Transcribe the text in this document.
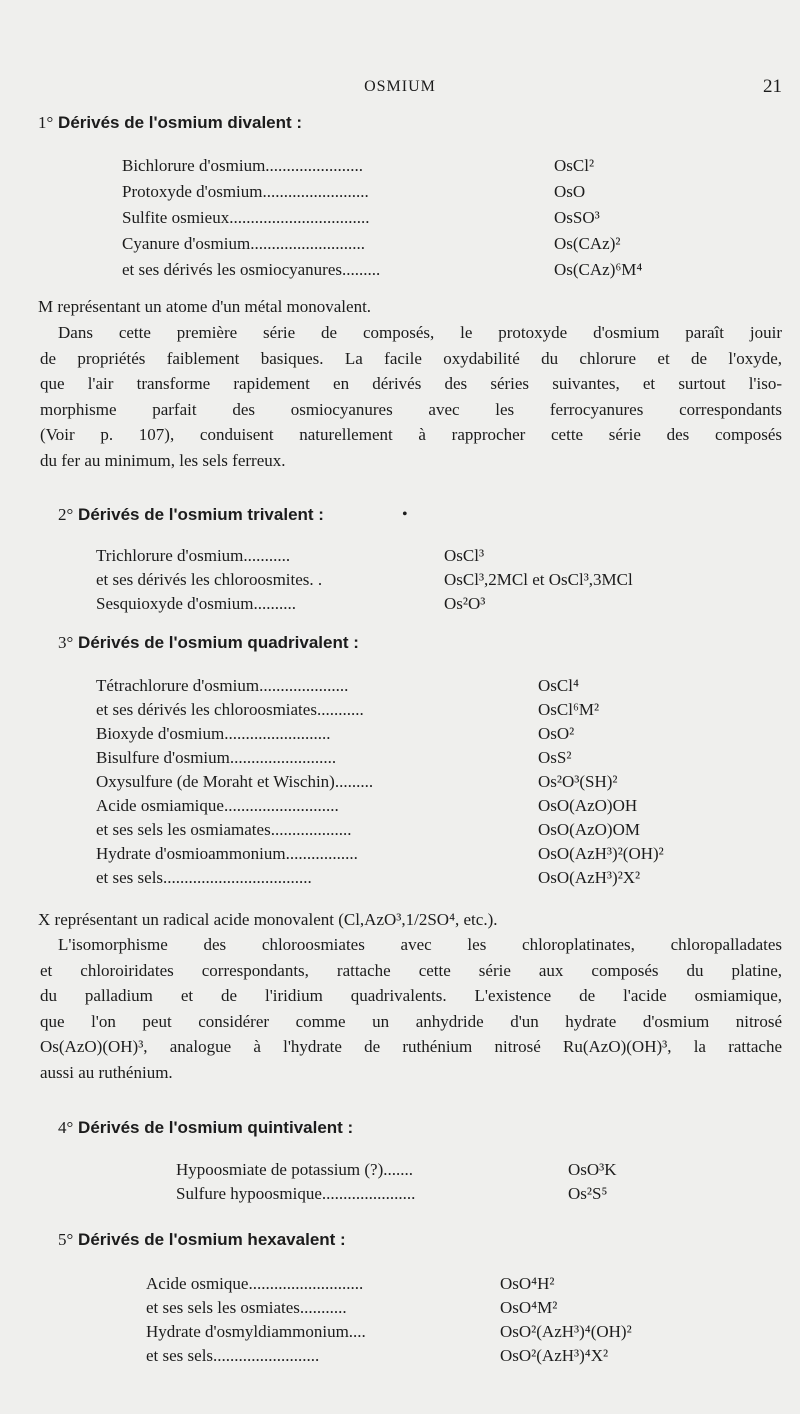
OSMIUM	21
1° Dérivés de l'osmium divalent :
Bichlorure d'osmium.......................	OsCl²
Protoxyde d'osmium.........................	OsO
Sulfite osmieux.................................	OsSO³
Cyanure d'osmium...........................	Os(CAz)²
et ses dérivés les osmiocyanures.........	Os(CAz)⁶M⁴
M représentant un atome d'un métal monovalent.
Dans cette première série de composés, le protoxyde d'osmium paraît jouir
de propriétés faiblement basiques. La facile oxydabilité du chlorure et de l'oxyde,
que l'air transforme rapidement en dérivés des séries suivantes, et surtout l'iso-
morphisme parfait des osmiocyanures avec les ferrocyanures correspondants
(Voir p. 107), conduisent naturellement à rapprocher cette série des composés
du fer au minimum, les sels ferreux.
2° Dérivés de l'osmium trivalent :	•
Trichlorure d'osmium...........	OsCl³
et ses dérivés les chloroosmites. .	OsCl³,2MCl et OsCl³,3MCl
Sesquioxyde d'osmium..........	Os²O³
3° Dérivés de l'osmium quadrivalent :
Tétrachlorure d'osmium.....................	OsCl⁴
et ses dérivés les chloroosmiates...........	OsCl⁶M²
Bioxyde d'osmium.........................	OsO²
Bisulfure d'osmium.........................	OsS²
Oxysulfure (de Moraht et Wischin).........	Os²O³(SH)²
Acide osmiamique...........................	OsO(AzO)OH
et ses sels les osmiamates...................	OsO(AzO)OM
Hydrate d'osmioammonium.................	OsO(AzH³)²(OH)²
et ses sels...................................	OsO(AzH³)²X²
X représentant un radical acide monovalent (Cl,AzO³,1/2SO⁴, etc.).
L'isomorphisme des chloroosmiates avec les chloroplatinates, chloropalladates
et chloroiridates correspondants, rattache cette série aux composés du platine,
du palladium et de l'iridium quadrivalents. L'existence de l'acide osmiamique,
que l'on peut considérer comme un anhydride d'un hydrate d'osmium nitrosé
Os(AzO)(OH)³, analogue à l'hydrate de ruthénium nitrosé Ru(AzO)(OH)³, la rattache
aussi au ruthénium.
4° Dérivés de l'osmium quintivalent :
Hypoosmiate de potassium (?).......	OsO³K
Sulfure hypoosmique......................	Os²S⁵
5° Dérivés de l'osmium hexavalent :
Acide osmique...........................	OsO⁴H²
et ses sels les osmiates...........	OsO⁴M²
Hydrate d'osmyldiammonium....	OsO²(AzH³)⁴(OH)²
et ses sels.........................	OsO²(AzH³)⁴X²
